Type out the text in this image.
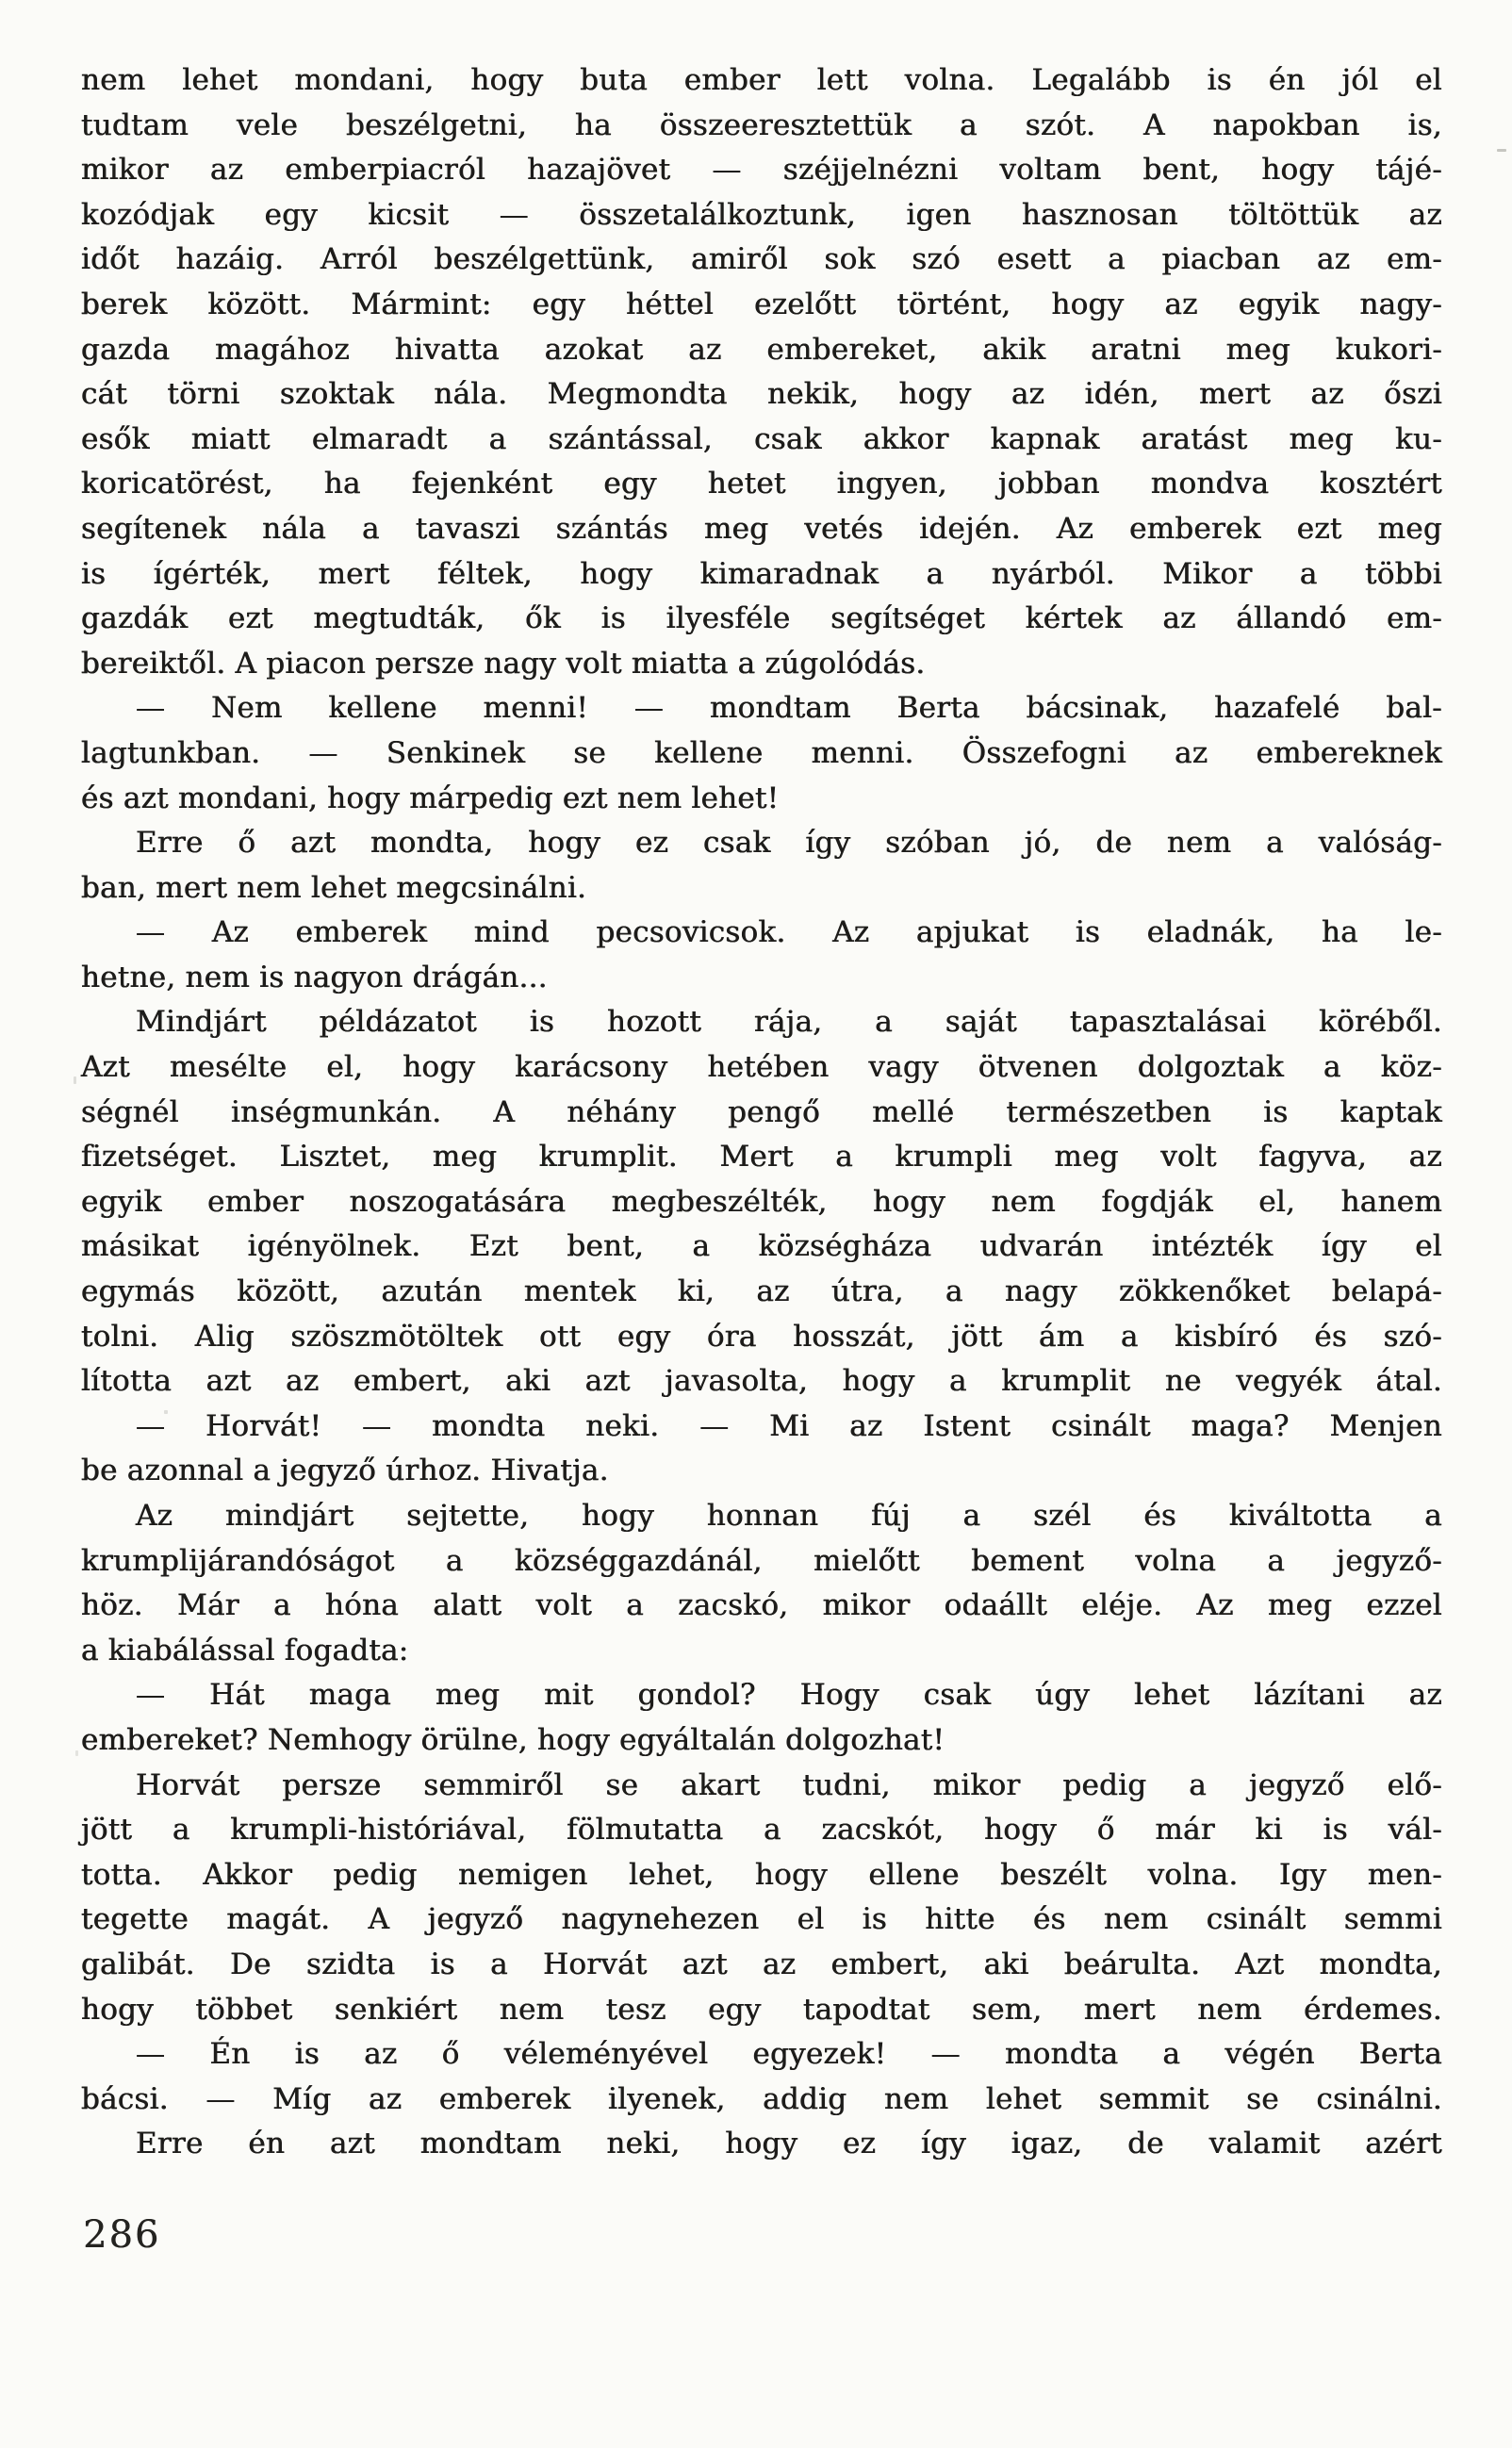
nem lehet mondani, hogy buta ember lett volna. Legalább is én jól el
tudtam vele beszélgetni, ha összeeresztettük a szót. A napokban is,
mikor az emberpiacról hazajövet — széjjelnézni voltam bent, hogy tájé-
kozódjak egy kicsit — összetalálkoztunk, igen hasznosan töltöttük az
időt hazáig. Arról beszélgettünk, amiről sok szó esett a piacban az em-
berek között. Mármint: egy héttel ezelőtt történt, hogy az egyik nagy-
gazda magához hivatta azokat az embereket, akik aratni meg kukori-
cát törni szoktak nála. Megmondta nekik, hogy az idén, mert az őszi
esők miatt elmaradt a szántással, csak akkor kapnak aratást meg ku-
koricatörést, ha fejenként egy hetet ingyen, jobban mondva kosztért
segítenek nála a tavaszi szántás meg vetés idején. Az emberek ezt meg
is ígérték, mert féltek, hogy kimaradnak a nyárból. Mikor a többi
gazdák ezt megtudták, ők is ilyesféle segítséget kértek az állandó em-
bereiktől. A piacon persze nagy volt miatta a zúgolódás.
— Nem kellene menni! — mondtam Berta bácsinak, hazafelé bal-
lagtunkban. — Senkinek se kellene menni. Összefogni az embereknek
és azt mondani, hogy márpedig ezt nem lehet!
Erre ő azt mondta, hogy ez csak így szóban jó, de nem a valóság-
ban, mert nem lehet megcsinálni.
— Az emberek mind pecsovicsok. Az apjukat is eladnák, ha le-
hetne, nem is nagyon drágán...
Mindjárt példázatot is hozott rája, a saját tapasztalásai köréből.
Azt mesélte el, hogy karácsony hetében vagy ötvenen dolgoztak a köz-
ségnél inségmunkán. A néhány pengő mellé természetben is kaptak
fizetséget. Lisztet, meg krumplit. Mert a krumpli meg volt fagyva, az
egyik ember noszogatására megbeszélték, hogy nem fogdják el, hanem
másikat igényölnek. Ezt bent, a községháza udvarán intézték így el
egymás között, azután mentek ki, az útra, a nagy zökkenőket belapá-
tolni. Alig szöszmötöltek ott egy óra hosszát, jött ám a kisbíró és szó-
lította azt az embert, aki azt javasolta, hogy a krumplit ne vegyék átal.
— Horvát! — mondta neki. — Mi az Istent csinált maga? Menjen
be azonnal a jegyző úrhoz. Hivatja.
Az mindjárt sejtette, hogy honnan fúj a szél és kiváltotta a
krumplijárandóságot a községgazdánál, mielőtt bement volna a jegyző-
höz. Már a hóna alatt volt a zacskó, mikor odaállt eléje. Az meg ezzel
a kiabálással fogadta:
— Hát maga meg mit gondol? Hogy csak úgy lehet lázítani az
embereket? Nemhogy örülne, hogy egyáltalán dolgozhat!
Horvát persze semmiről se akart tudni, mikor pedig a jegyző elő-
jött a krumpli-históriával, fölmutatta a zacskót, hogy ő már ki is vál-
totta. Akkor pedig nemigen lehet, hogy ellene beszélt volna. Igy men-
tegette magát. A jegyző nagynehezen el is hitte és nem csinált semmi
galibát. De szidta is a Horvát azt az embert, aki beárulta. Azt mondta,
hogy többet senkiért nem tesz egy tapodtat sem, mert nem érdemes.
— Én is az ő véleményével egyezek! — mondta a végén Berta
bácsi. — Míg az emberek ilyenek, addig nem lehet semmit se csinálni.
Erre én azt mondtam neki, hogy ez így igaz, de valamit azért
286
